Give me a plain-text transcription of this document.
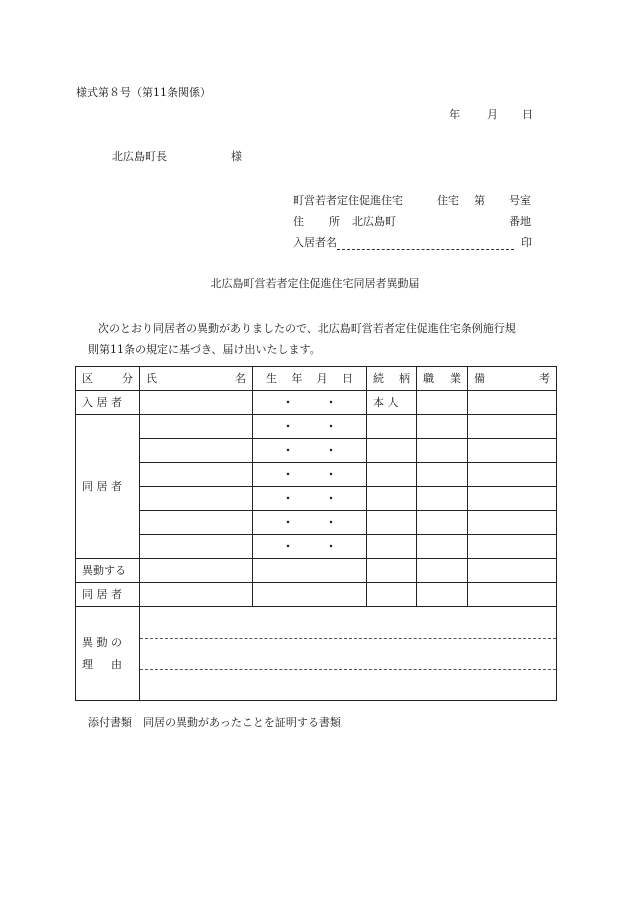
様式第８号（第11条関係）
年 月 日
北広島町長	様
町営若者定住促進住宅	住宅 第 号室
住 所 北広島町	番地
入居者名	印
北広島町営若者定住促進住宅同居者異動届
次のとおり同居者の異動がありましたので、北広島町営若者定住促進住宅条例施行規
則第11条の規定に基づき、届け出いたします。
区 分	氏 名	生 年 月 日	続 柄	職 業	備 考

入 居 者		・ ・	本 人		
同 居 者		・ ・			

		・ ・			

		・ ・			

		・ ・			

		・ ・			

		・ ・			

異動する					
同 居 者					

異 動 の
理 　 由					

添付書類　同居の異動があったことを証明する書類
